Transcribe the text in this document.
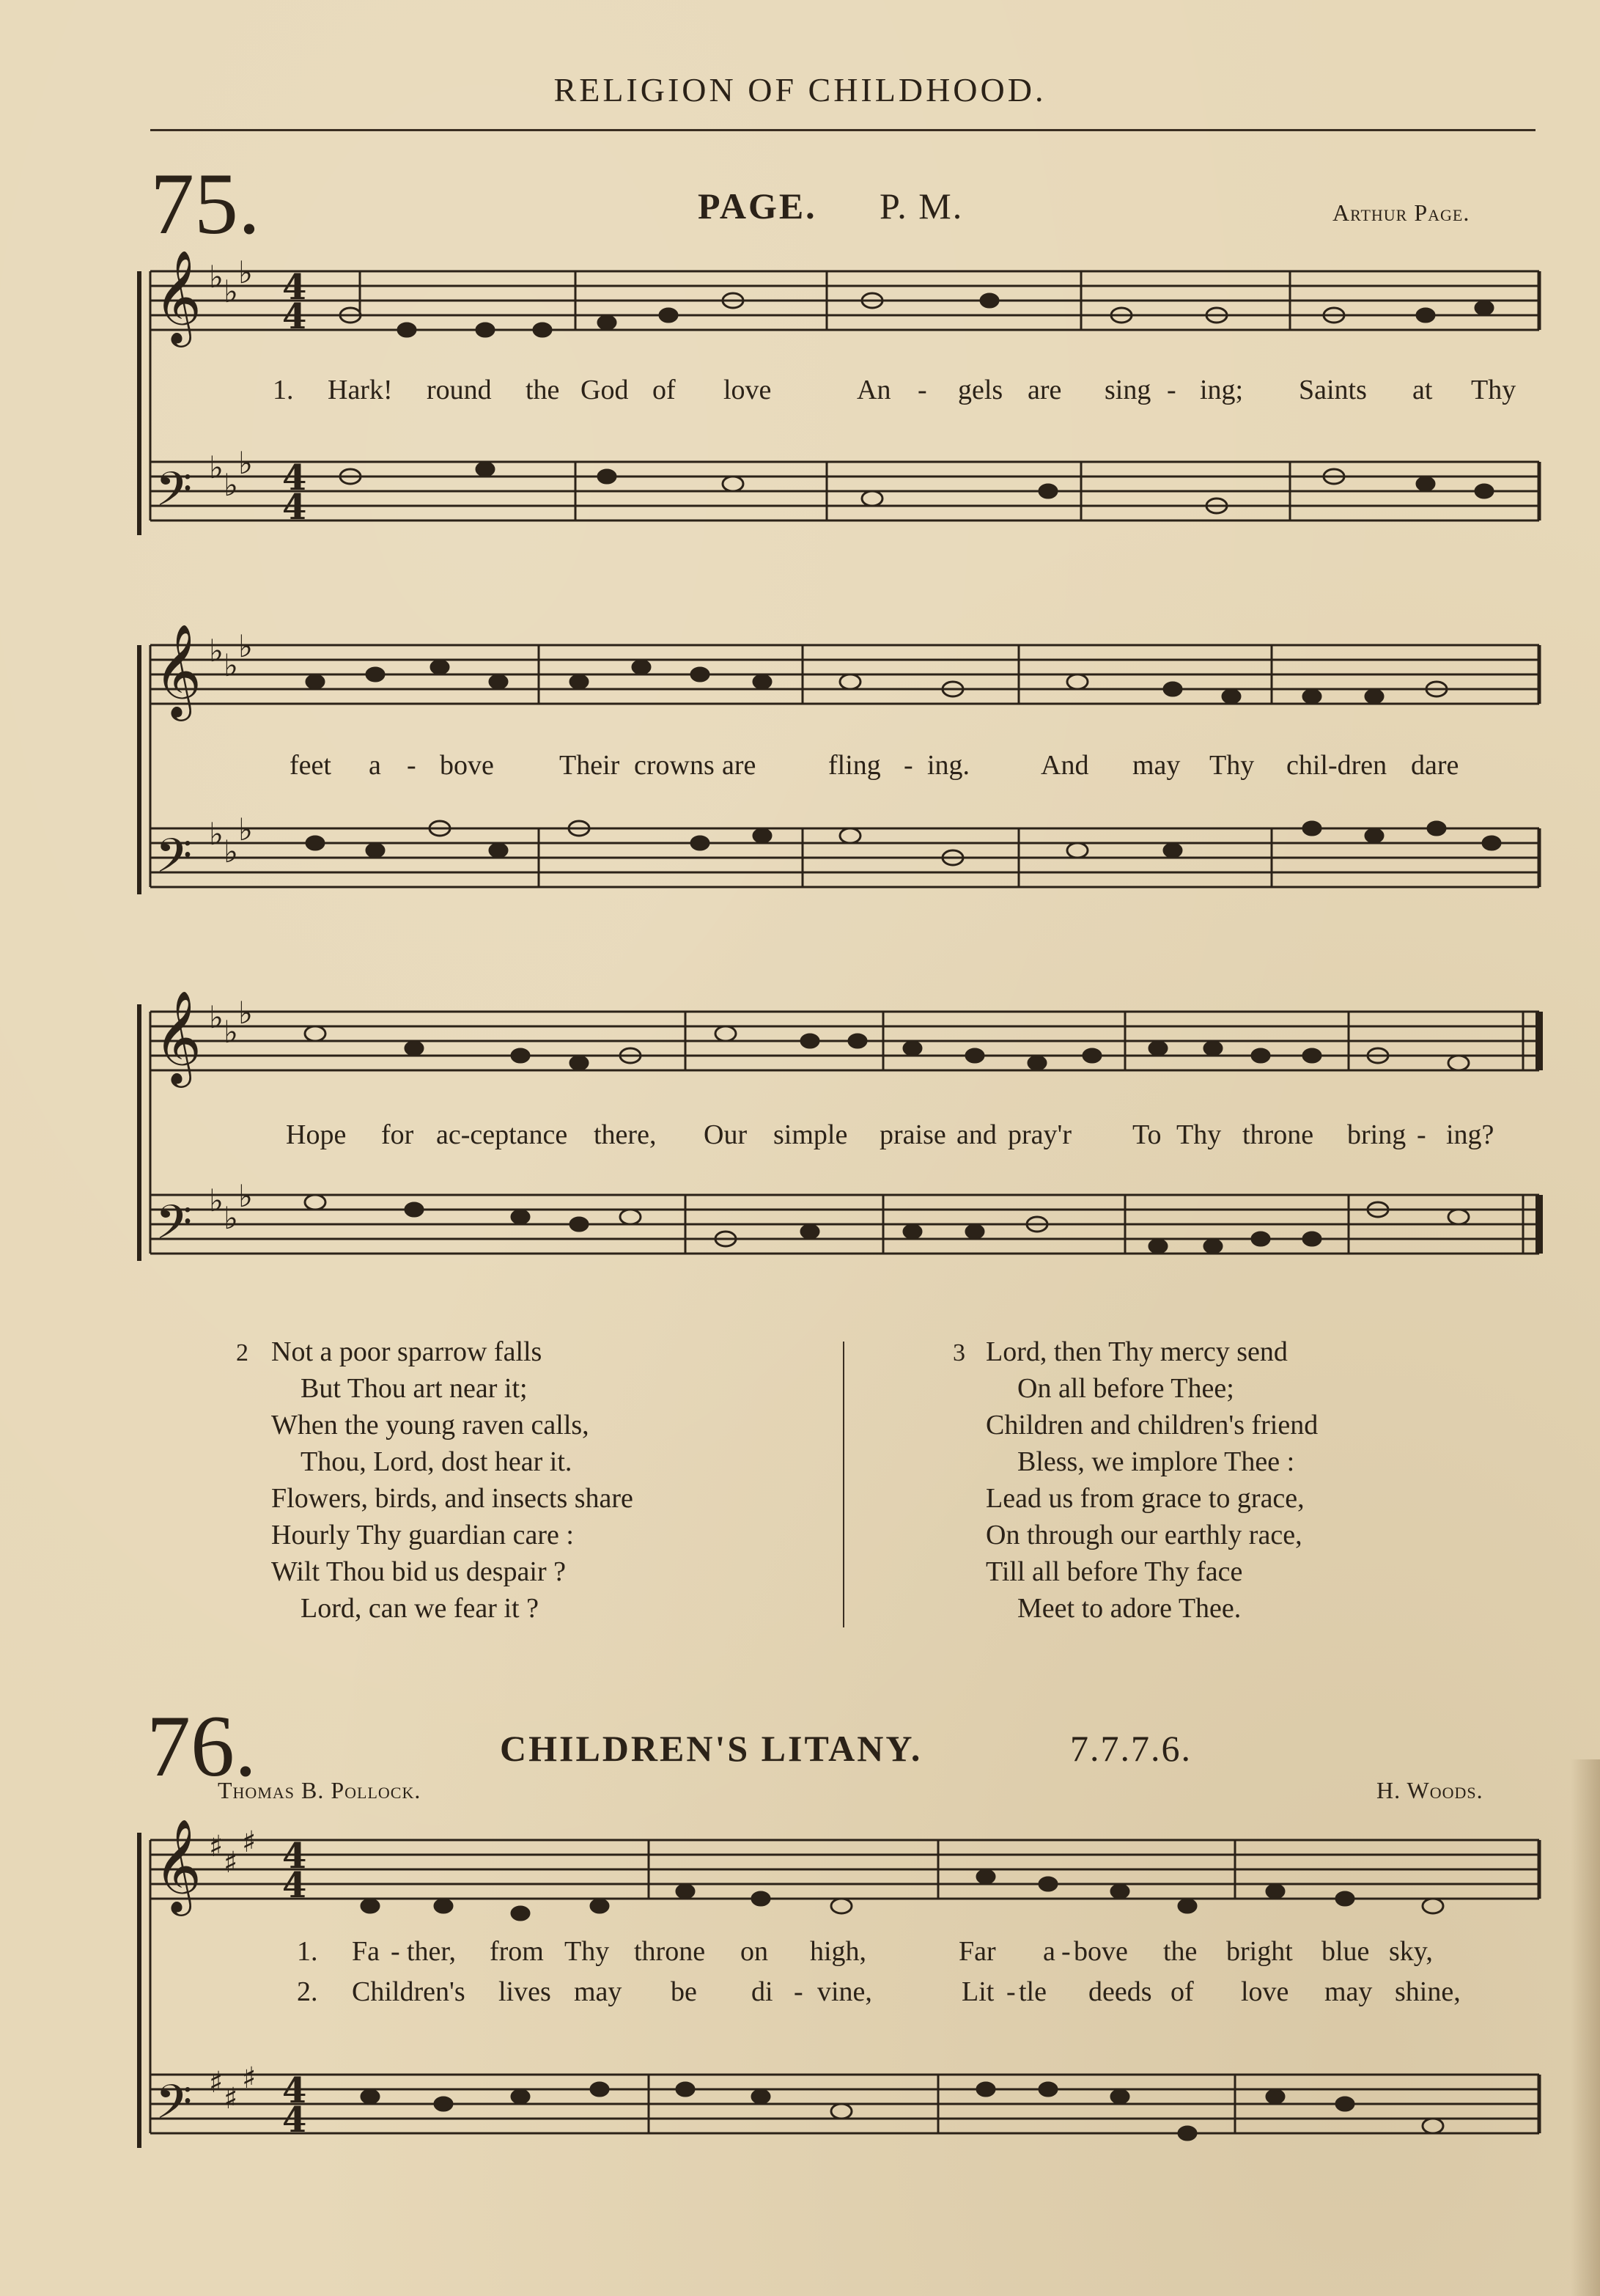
RELIGION OF CHILDHOOD.
75.	PAGE. P. M.	Arthur Page.
𝄞
𝄢
♭ ♭
♭
♭ ♭
♭
4
4
4
4
1. Hark! round the God of love	An - gels are sing - ing; Saints at Thy
𝄞
𝄢
♭ ♭
♭
♭ ♭
♭
feet a - bove Their crowns are	fling - ing.	And may Thy chil-dren dare
𝄞
𝄢
♭ ♭
♭
♭ ♭
♭
Hope for ac-ceptance there, Our simple praise and pray'r To Thy throne bring - ing?
2 Not a poor sparrow falls
But Thou art near it;
When the young raven calls,
Thou, Lord, dost hear it.
Flowers, birds, and insects share
Hourly Thy guardian care :
Wilt Thou bid us despair ?
Lord, can we fear it ?
3 Lord, then Thy mercy send
On all before Thee;
Children and children's friend
Bless, we implore Thee :
Lead us from grace to grace,
On through our earthly race,
Till all before Thy face
Meet to adore Thee.
76.	CHILDREN'S LITANY.	7.7.7.6.
Thomas B. Pollock.	H. Woods.
𝄞
𝄢
♯ ♯
♯
♯ ♯
♯
4
4
4
4
1. Fa - ther, from Thy throne on high,	Far a - bove the bright blue sky,
2. Children's lives may be di - vine,	Lit - tle deeds of love may shine,
